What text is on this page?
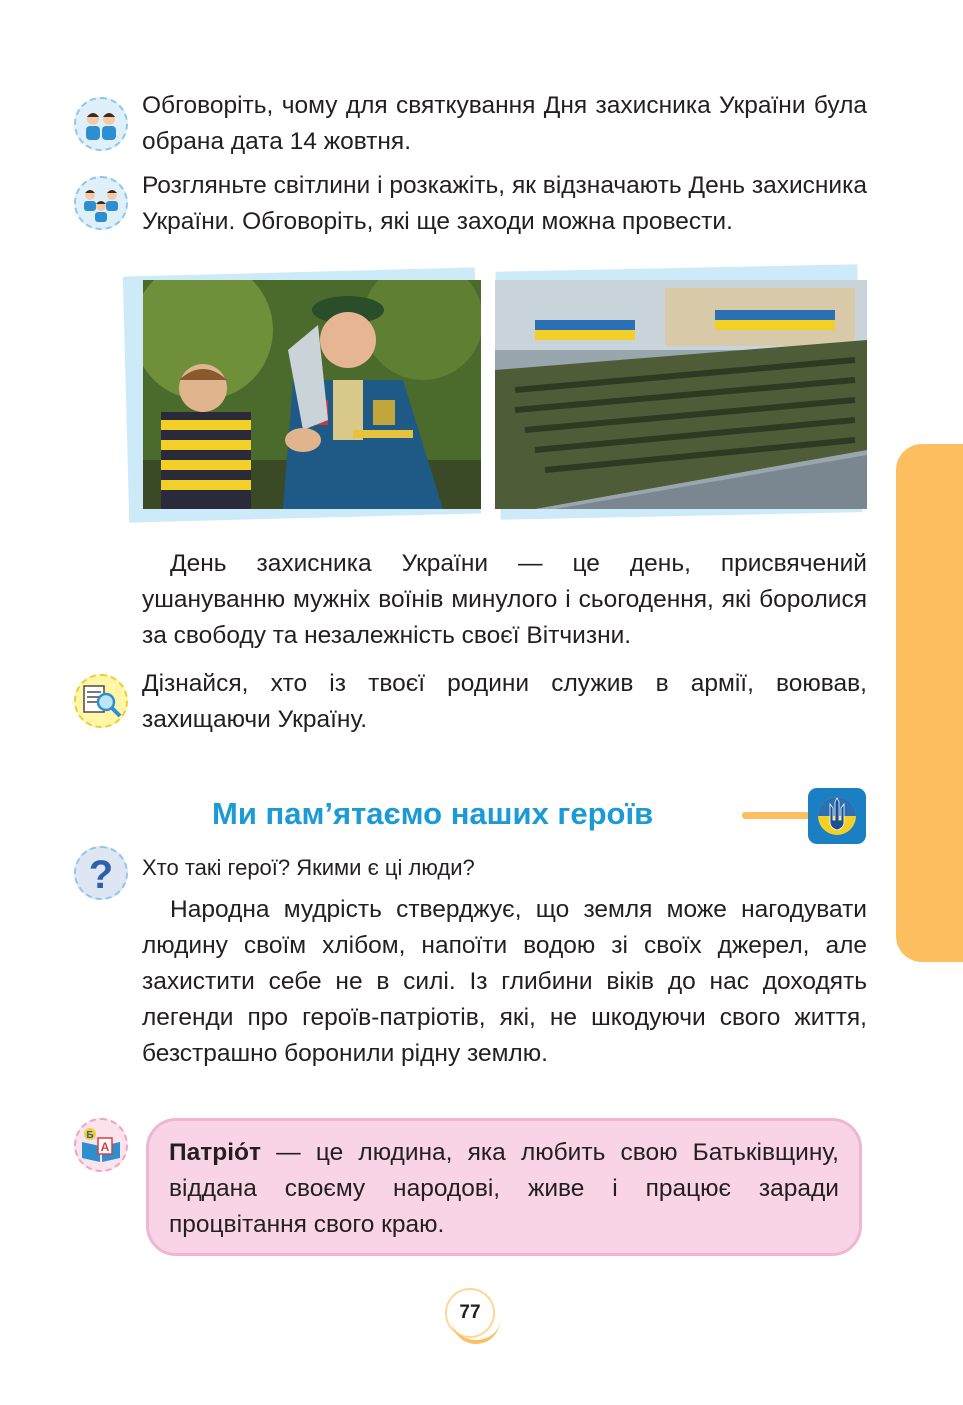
Обговоріть, чому для святкування Дня захисника України була обрана дата 14 жовтня.
Розгляньте світлини і розкажіть, як відзначають День захисника України. Обговоріть, які ще заходи можна провести.
День захисника України — це день, присвячений ушануванню мужніх воїнів минулого і сьогодення, які боролися за свободу та незалежність своєї Вітчизни.
Дізнайся, хто із твоєї родини служив в армії, воював, захищаючи Україну.
Ми пам’ятаємо наших героїв
? Хто такі герої? Якими є ці люди?
Народна мудрість стверджує, що земля може нагодувати людину своїм хлібом, напоїти водою зі своїх джерел, але захистити себе не в силі. Із глибини віків до нас доходять легенди про героїв-патріотів, які, не шкодуючи свого життя, безстрашно боронили рідну землю.
А
Б
Патріо́т — це людина, яка любить свою Батьківщину, віддана своєму народові, живе і працює заради процвітання свого краю.
77
